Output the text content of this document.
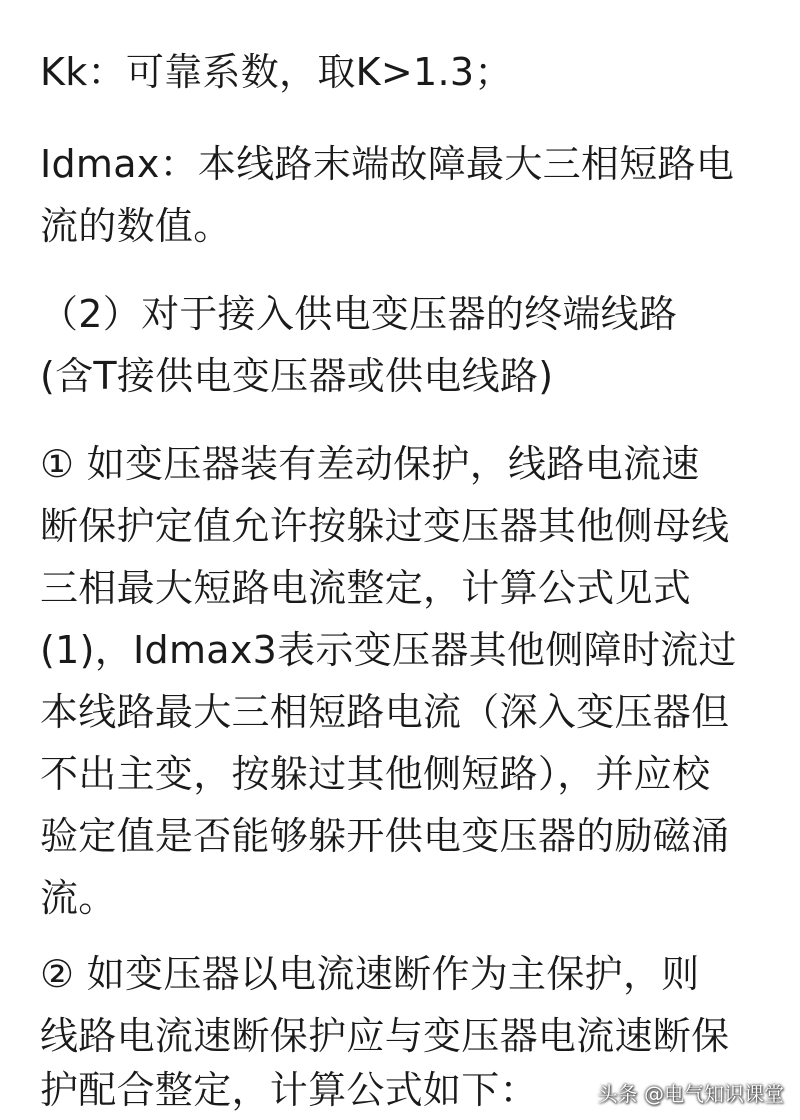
Kk：可靠系数，取K>1.3；
Idmax：本线路末端故障最大三相短路电
流的数值。
（2）对于接入供电变压器的终端线路
(含T接供电变压器或供电线路)
① 如变压器装有差动保护，线路电流速
断保护定值允许按躲过变压器其他侧母线
三相最大短路电流整定，计算公式见式
(1)，Idmax3表示变压器其他侧障时流过
本线路最大三相短路电流（深入变压器但
不出主变，按躲过其他侧短路），并应校
验定值是否能够躲开供电变压器的励磁涌
流。
② 如变压器以电流速断作为主保护，则
线路电流速断保护应与变压器电流速断保
护配合整定，计算公式如下：	头条 @电气知识课堂
